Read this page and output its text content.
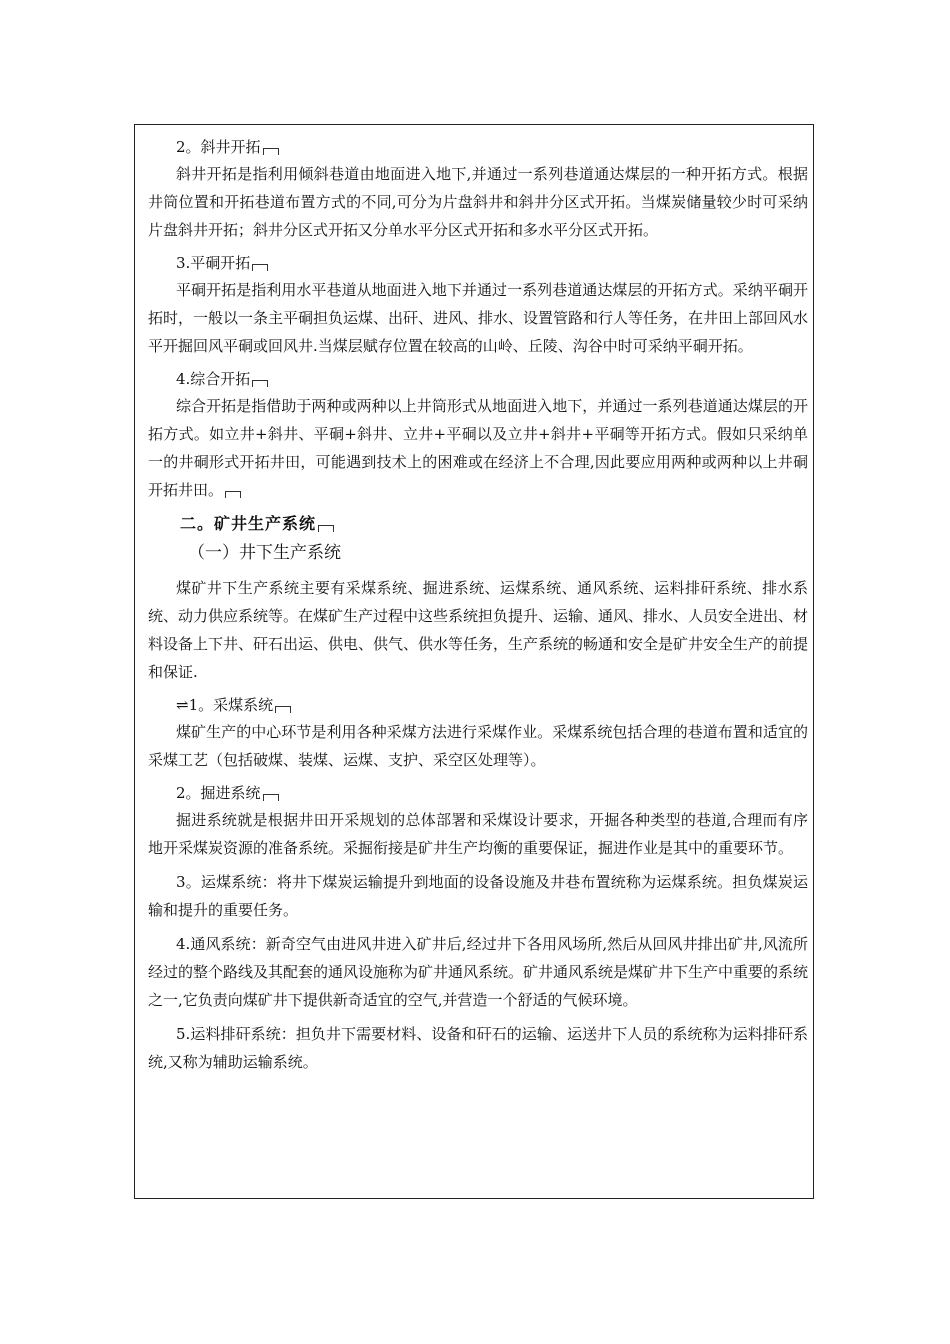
2。斜井开拓

斜井开拓是指利用倾斜巷道由地面进入地下,并通过一系列巷道通达煤层的一种开拓方式。根据井筒位置和开拓巷道布置方式的不同,可分为片盘斜井和斜井分区式开拓。当煤炭储量较少时可采纳片盘斜井开拓；斜井分区式开拓又分单水平分区式开拓和多水平分区式开拓。

3.平硐开拓

平硐开拓是指利用水平巷道从地面进入地下并通过一系列巷道通达煤层的开拓方式。采纳平硐开拓时，一般以一条主平硐担负运煤、出矸、进风、排水、设置管路和行人等任务，在井田上部回风水平开掘回风平硐或回风井.当煤层赋存位置在较高的山岭、丘陵、沟谷中时可采纳平硐开拓。

4.综合开拓

综合开拓是指借助于两种或两种以上井筒形式从地面进入地下，并通过一系列巷道通达煤层的开拓方式。如立井+斜井、平硐+斜井、立井+平硐以及立井+斜井+平硐等开拓方式。假如只采纳单一的井硐形式开拓井田，可能遇到技术上的困难或在经济上不合理,因此要应用两种或两种以上井硐开拓井田。

二。矿井生产系统
（一）井下生产系统

煤矿井下生产系统主要有采煤系统、掘进系统、运煤系统、通风系统、运料排矸系统、排水系统、动力供应系统等。在煤矿生产过程中这些系统担负提升、运输、通风、排水、人员安全进出、材料设备上下井、矸石出运、供电、供气、供水等任务，生产系统的畅通和安全是矿井安全生产的前提和保证.

⇌1。采煤系统

煤矿生产的中心环节是利用各种采煤方法进行采煤作业。采煤系统包括合理的巷道布置和适宜的采煤工艺（包括破煤、装煤、运煤、支护、采空区处理等）。

2。掘进系统

掘进系统就是根据井田开采规划的总体部署和采煤设计要求，开掘各种类型的巷道,合理而有序地开采煤炭资源的准备系统。采掘衔接是矿井生产均衡的重要保证，掘进作业是其中的重要环节。

3。运煤系统：将井下煤炭运输提升到地面的设备设施及井巷布置统称为运煤系统。担负煤炭运输和提升的重要任务。

4.通风系统：新奇空气由进风井进入矿井后,经过井下各用风场所,然后从回风井排出矿井,风流所经过的整个路线及其配套的通风设施称为矿井通风系统。矿井通风系统是煤矿井下生产中重要的系统之一,它负责向煤矿井下提供新奇适宜的空气,并营造一个舒适的气候环境。

5.运料排矸系统：担负井下需要材料、设备和矸石的运输、运送井下人员的系统称为运料排矸系统,又称为辅助运输系统。
